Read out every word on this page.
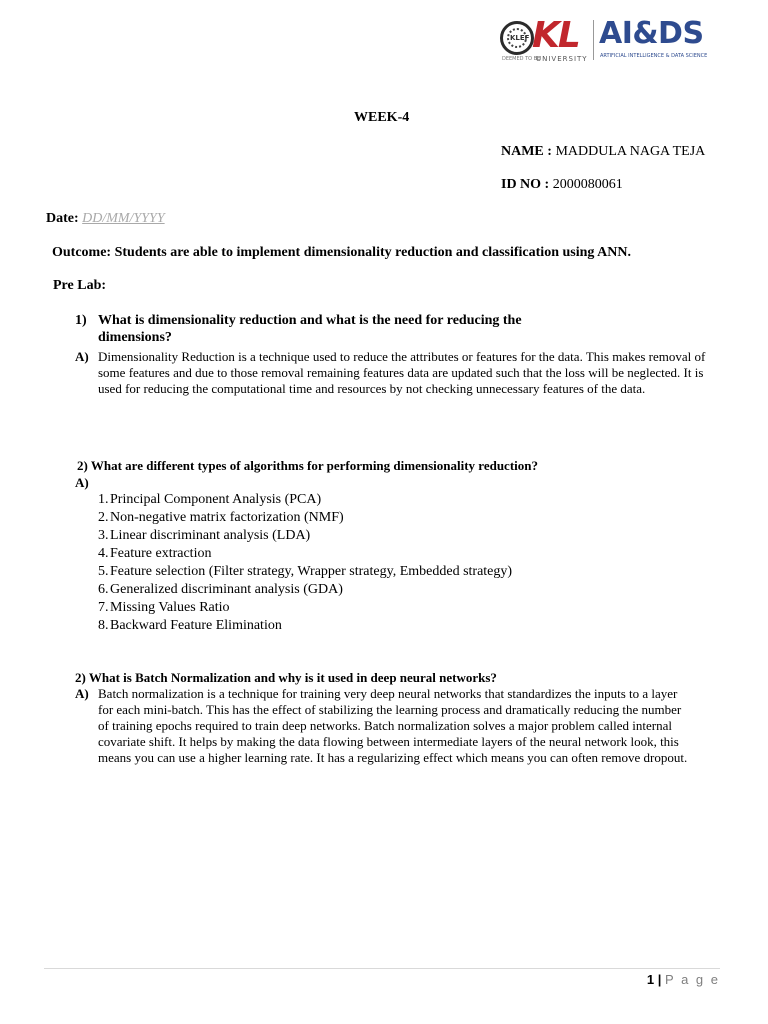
KLEF KL
DEEMED TO BE
UNIVERSITY
AI&DS
ARTIFICIAL INTELLIGENCE & DATA SCIENCE
WEEK-4
NAME : MADDULA NAGA TEJA
ID NO : 2000080061
Date: DD/MM/YYYY
Outcome: Students are able to implement dimensionality reduction and classification using ANN.
Pre Lab:
1) What is dimensionality reduction and what is the need for reducing the dimensions?
A) Dimensionality Reduction is a technique used to reduce the attributes or features for the data. This makes removal of some features and due to those removal remaining features data are updated such that the loss will be neglected. It is used for reducing the computational time and resources by not checking unnecessary features of the data.
2) What are different types of algorithms for performing dimensionality reduction?
A)
1. Principal Component Analysis (PCA)
2. Non-negative matrix factorization (NMF)
3. Linear discriminant analysis (LDA)
4. Feature extraction
5. Feature selection (Filter strategy, Wrapper strategy, Embedded strategy)
6. Generalized discriminant analysis (GDA)
7. Missing Values Ratio
8. Backward Feature Elimination
2) What is Batch Normalization and why is it used in deep neural networks?
A) Batch normalization is a technique for training very deep neural networks that standardizes the inputs to a layer for each mini-batch. This has the effect of stabilizing the learning process and dramatically reducing the number of training epochs required to train deep networks. Batch normalization solves a major problem called internal covariate shift. It helps by making the data flowing between intermediate layers of the neural network look, this means you can use a higher learning rate. It has a regularizing effect which means you can often remove dropout.
1 | P a g e
